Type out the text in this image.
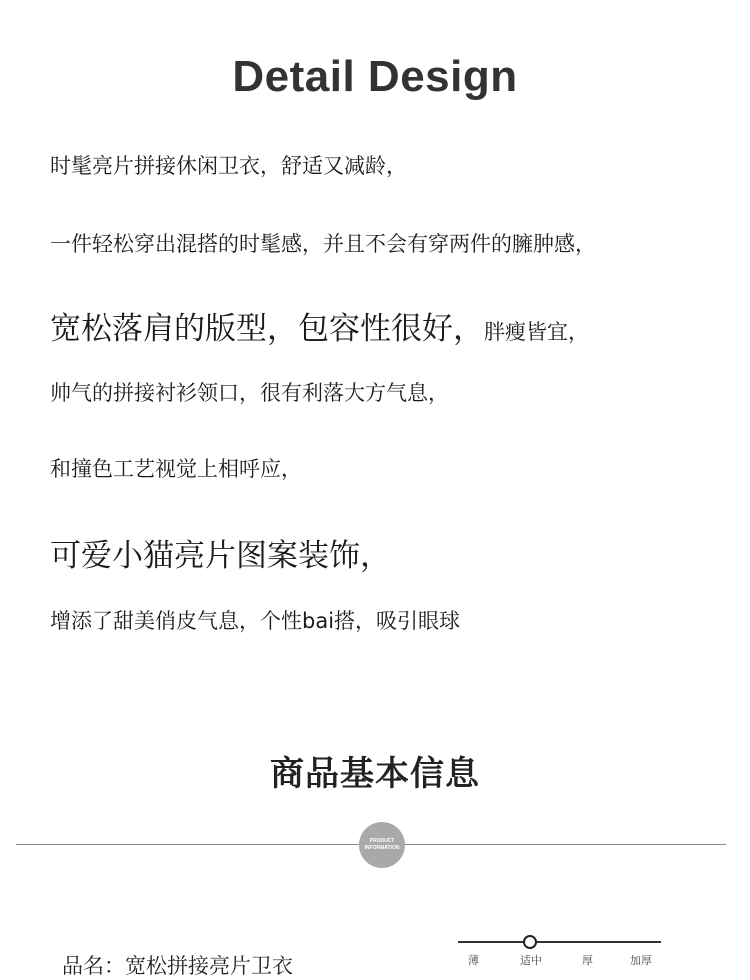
Detail Design
时髦亮片拼接休闲卫衣，舒适又减龄，
一件轻松穿出混搭的时髦感，并且不会有穿两件的臃肿感，
宽松落肩的版型，包容性很好，胖瘦皆宜，
帅气的拼接衬衫领口，很有利落大方气息，
和撞色工艺视觉上相呼应，
可爱小猫亮片图案装饰，
增添了甜美俏皮气息，个性bai搭，吸引眼球
商品基本信息
PRODUCT
INFORMATION
品名：宽松拼接亮片卫衣	薄	适中	厚	加厚
